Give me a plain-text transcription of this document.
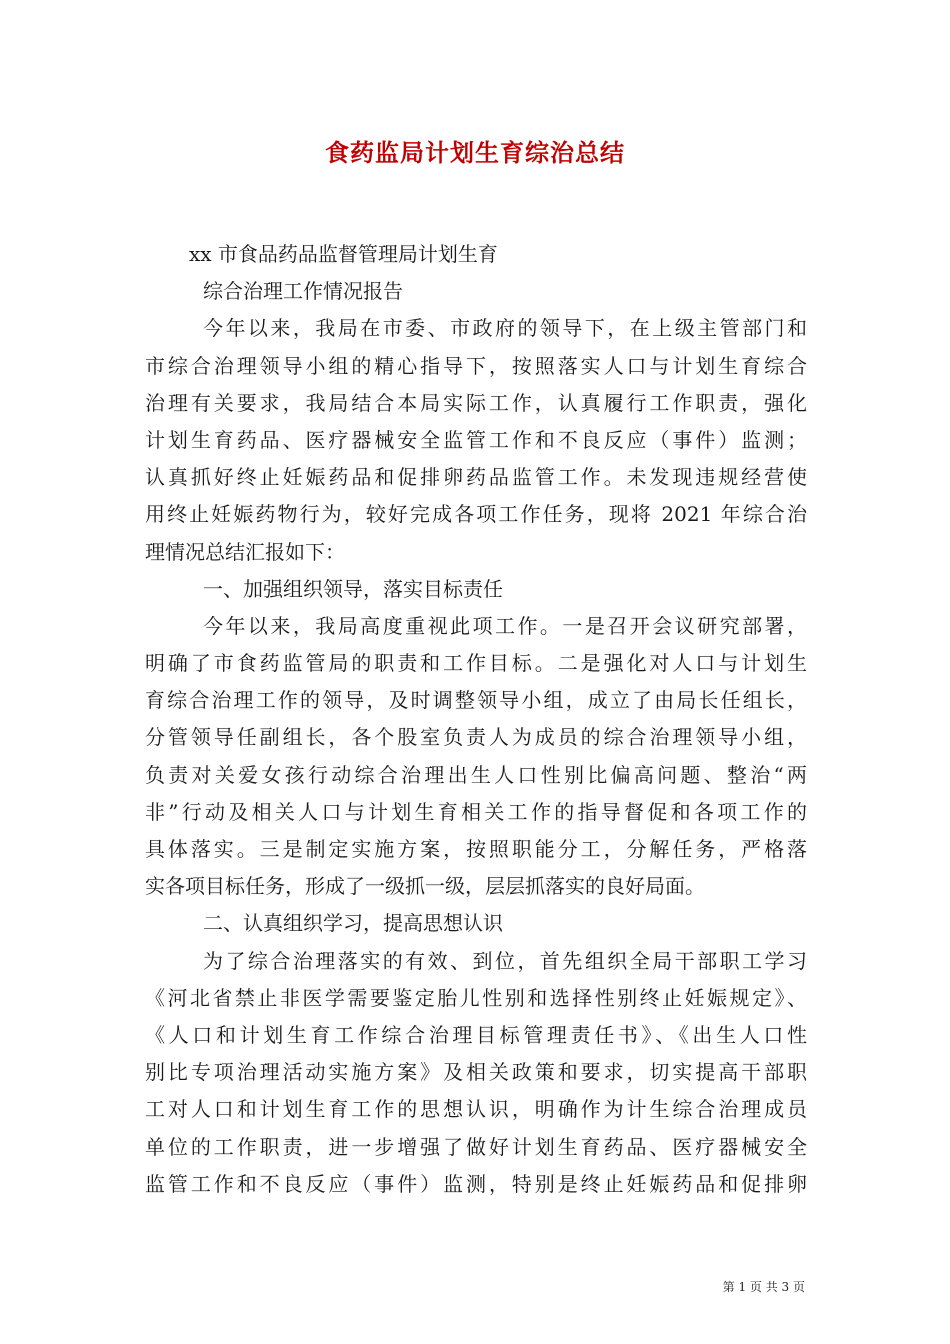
食药监局计划生育综治总结
xx 市食品药品监督管理局计划生育
综合治理工作情况报告
今年以来，我局在市委、市政府的领导下，在上级主管部门和
市综合治理领导小组的精心指导下，按照落实人口与计划生育综合
治理有关要求，我局结合本局实际工作，认真履行工作职责，强化
计划生育药品、医疗器械安全监管工作和不良反应（事件）监测；
认真抓好终止妊娠药品和促排卵药品监管工作。未发现违规经营使
用终止妊娠药物行为，较好完成各项工作任务，现将 2021 年综合治
理情况总结汇报如下：
一、加强组织领导，落实目标责任
今年以来，我局高度重视此项工作。一是召开会议研究部署，
明确了市食药监管局的职责和工作目标。二是强化对人口与计划生
育综合治理工作的领导，及时调整领导小组，成立了由局长任组长，
分管领导任副组长，各个股室负责人为成员的综合治理领导小组，
负责对关爱女孩行动综合治理出生人口性别比偏高问题、整治“两
非”行动及相关人口与计划生育相关工作的指导督促和各项工作的
具体落实。三是制定实施方案，按照职能分工，分解任务，严格落
实各项目标任务，形成了一级抓一级，层层抓落实的良好局面。
二、认真组织学习，提高思想认识
为了综合治理落实的有效、到位，首先组织全局干部职工学习
《河北省禁止非医学需要鉴定胎儿性别和选择性别终止妊娠规定》、
《人口和计划生育工作综合治理目标管理责任书》、《出生人口性
别比专项治理活动实施方案》及相关政策和要求，切实提高干部职
工对人口和计划生育工作的思想认识，明确作为计生综合治理成员
单位的工作职责，进一步增强了做好计划生育药品、医疗器械安全
监管工作和不良反应（事件）监测，特别是终止妊娠药品和促排卵
第 1 页 共 3 页
